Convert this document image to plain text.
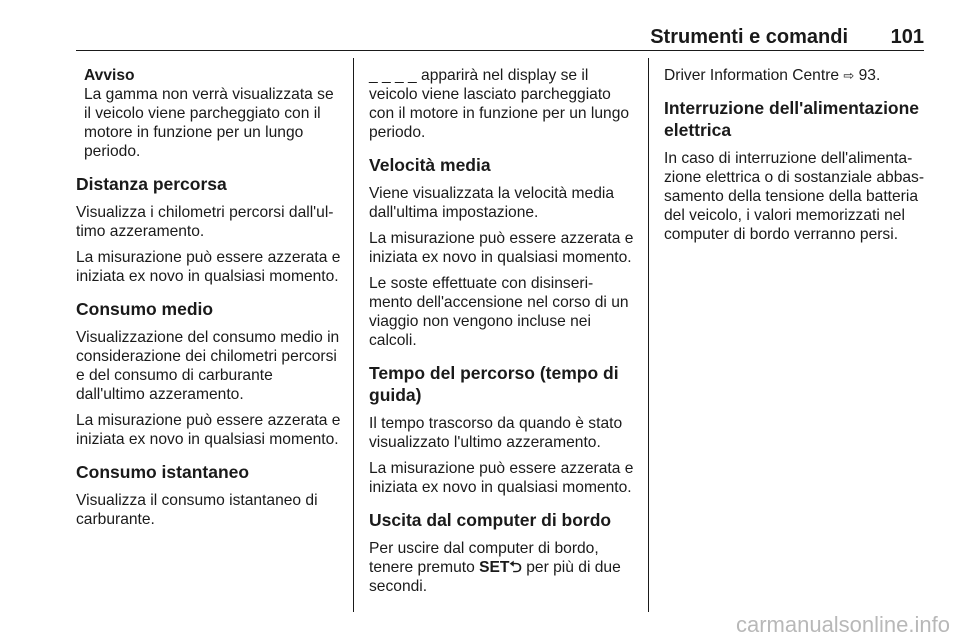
Strumenti e comandi 101
Avviso
La gamma non verrà visualizzata se il veicolo viene parcheggiato con il motore in funzione per un lungo periodo.
Distanza percorsa

Visualizza i chilometri percorsi dall'ul- timo azzeramento.

La misurazione può essere azzerata e iniziata ex novo in qualsiasi momento.

Consumo medio

Visualizzazione del consumo medio in considerazione dei chilometri percorsi e del consumo di carburante dall'ultimo azzeramento.

La misurazione può essere azzerata e iniziata ex novo in qualsiasi momento.

Consumo istantaneo

Visualizza il consumo istantaneo di carburante.

_ _ _ _ apparirà nel display se il veicolo viene lasciato parcheggiato con il motore in funzione per un lungo periodo.

Velocità media

Viene visualizzata la velocità media dall'ultima impostazione.

La misurazione può essere azzerata e iniziata ex novo in qualsiasi momento.

Le soste effettuate con disinseri- mento dell'accensione nel corso di un viaggio non vengono incluse nei calcoli.

Tempo del percorso (tempo di guida)

Il tempo trascorso da quando è stato visualizzato l'ultimo azzeramento.

La misurazione può essere azzerata e iniziata ex novo in qualsiasi momento.

Uscita dal computer di bordo

Per uscire dal computer di bordo, tenere premuto SET⮌ per più di due secondi.

Driver Information Centre ⇨ 93.

Interruzione dell'alimentazione elettrica

In caso di interruzione dell'alimenta- zione elettrica o di sostanziale abbas- samento della tensione della batteria del veicolo, i valori memorizzati nel computer di bordo verranno persi.

carmanualsonline.info
